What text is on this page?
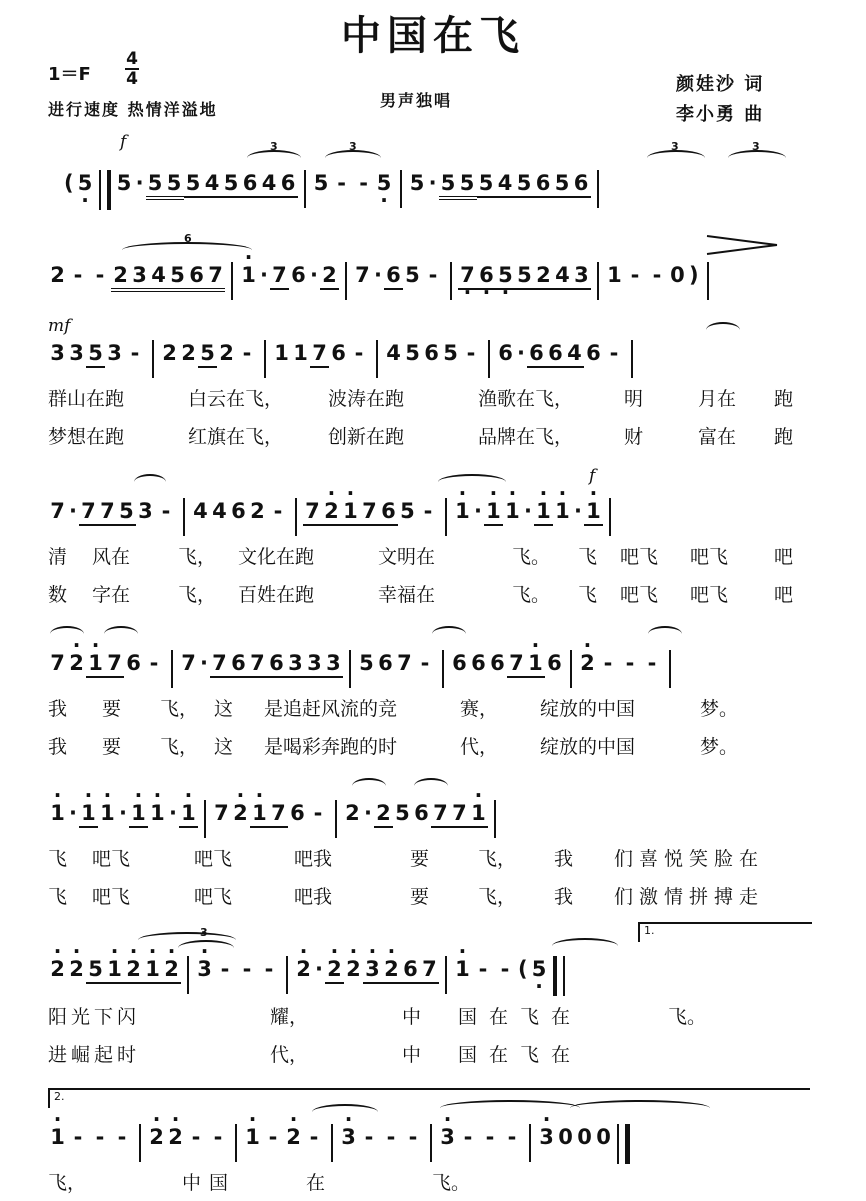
中国在飞
1＝F
4
4
进行速度 热情洋溢地	男声独唱
颜娃沙 词
李小勇 曲
f
( 5 · 5 · 5 5 5 4 5 6 4 6 5 - - 5 · 5 · 5 5 5 4 5 6 5 6
3	3	3	3
2 - - 2 3 4 5 6 7 · 1 · 7 6 · 2 7 · 6 5 -	7 · 6 · 5 · 5 2 4 3 1 - - 0 )
6
mf
3 3 5 3 -	2 2 5 2 -	1 1 7 6 -	4 5 6 5 -	6 · 6 6 4 6 -
群山在跑	白云在飞， 波涛在跑	渔歌在飞，	明	月在 跑
梦想在跑	红旗在飞， 创新在跑	品牌在飞，	财	富在 跑
f
7 · 7 7 5 3 -	4 4 6 2 -	7 · 2 · 1 7 6 5 -	· 1 · · 1 · 1 · · 1 · 1 · · 1
清 风在	飞， 文化在跑	文明在	飞。 飞 吧飞 吧飞 吧
数 字在	飞， 百姓在跑	幸福在	飞。 飞 吧飞 吧飞 吧
7 · 2 · 1 7 6 -	7 · 7 6 7 6 3 3 3 5 6 7 -	6 6 6 7 · 1 6 · 2 - - -
我 要 飞， 这 是追赶风流的竞	赛， 绽放的中国	梦。
我 要 飞， 这 是喝彩奔跑的时	代， 绽放的中国	梦。
· 1 · · 1 · 1 · · 1 · 1 · · 1 7 · 2 · 1 7 6 -	2 · 2 5 6 7 7 · 1
飞 吧飞	吧飞	吧我	要	飞， 我 们喜悦笑脸在
飞 吧飞	吧飞	吧我	要	飞， 我 们激情拼搏走
1.
· 2 · 2 5 · 1 · 2 · 1 · 2 · 3 - - -	· 2 · · 2 · 2 · 3 · 2 6 7 · 1 - - ( 5 ·
3
阳光下闪	耀，	中 国在飞在	飞。
进崛起时	代，	中 国在飞在
2.
· 1 - - -	· 2 · 2 - -	· 1 - · 2 -	· 3 - - -	· 3 - - -	· 3 0 0 0
飞，	中国	在	飞。
